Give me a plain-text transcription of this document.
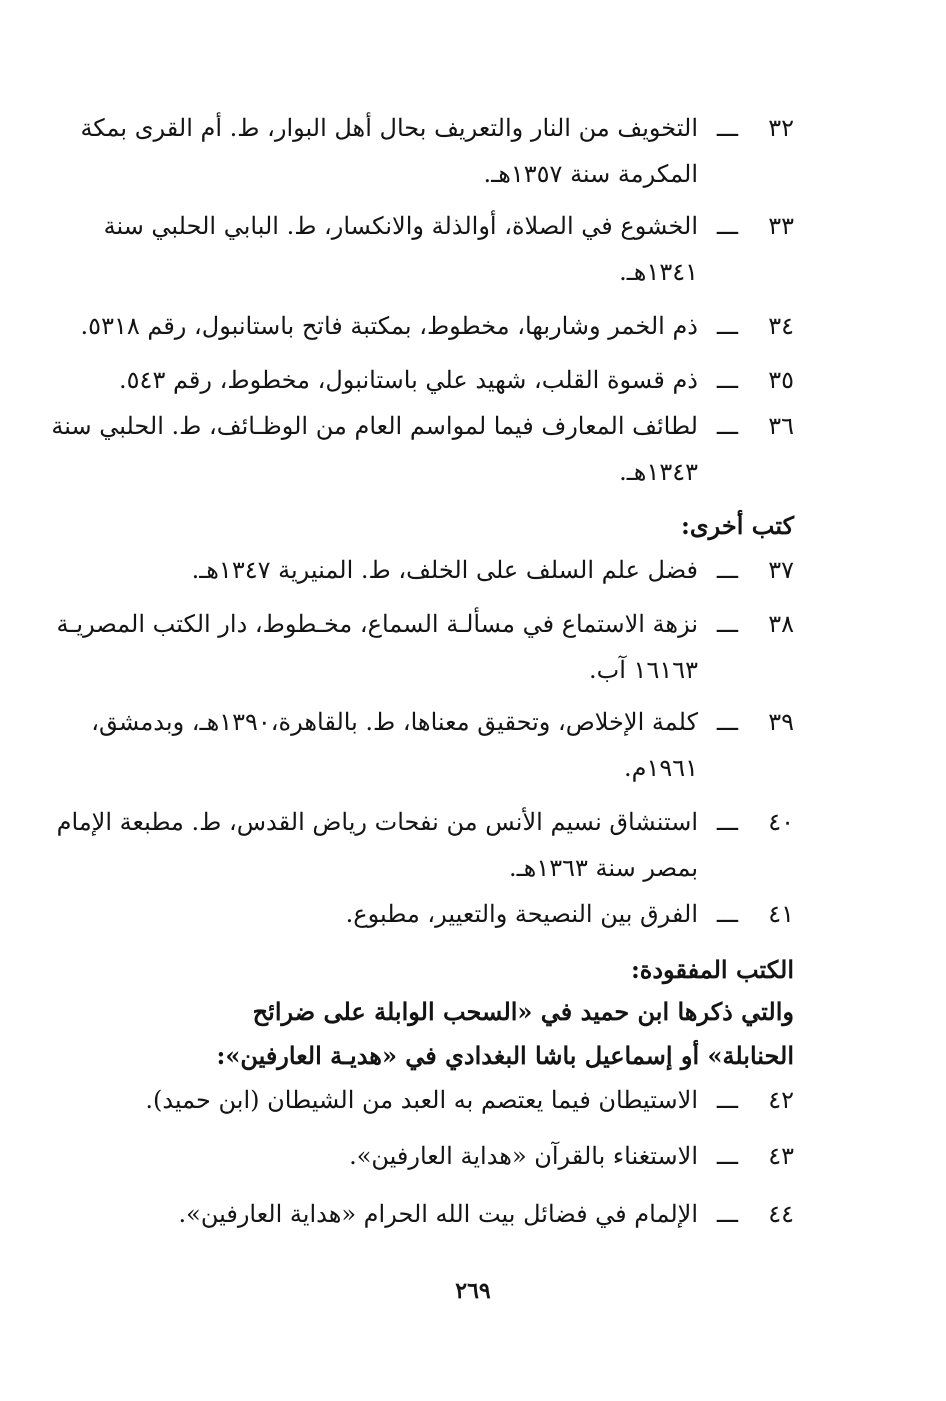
٣٢
ـــ
التخويف من النار والتعريف بحال أهل البوار، ط. أم القرى بمكة
المكرمة سنة ١٣٥٧هـ.
٣٣
ـــ
الخشوع في الصلاة، أوالذلة والانكسار، ط. البابي الحلبي سنة
١٣٤١هـ.
٣٤
ـــ
ذم الخمر وشاربها، مخطوط، بمكتبة فاتح باستانبول، رقم ٥٣١٨.
٣٥
ـــ
ذم قسوة القلب، شهيد علي باستانبول، مخطوط، رقم ٥٤٣.
٣٦
ـــ
لطائف المعارف فيما لمواسم العام من الوظـائف، ط. الحلبي سنة
١٣٤٣هـ.
كتب أخرى:
٣٧
ـــ
فضل علم السلف على الخلف، ط. المنيرية ١٣٤٧هـ.
٣٨
ـــ
نزهة الاستماع في مسألـة السماع، مخـطوط، دار الكتب المصريـة
١٦١٦٣ آب.
٣٩
ـــ
كلمة الإخلاص، وتحقيق معناها، ط. بالقاهرة،١٣٩٠هـ، وبدمشق،
١٩٦١م.
٤٠
ـــ
استنشاق نسيم الأنس من نفحات رياض القدس، ط. مطبعة الإمام
بمصر سنة ١٣٦٣هـ.
٤١
ـــ
الفرق بين النصيحة والتعيير، مطبوع.
الكتب المفقودة:
والتي ذكرها ابن حميد في «السحب الوابلة على ضرائح
الحنابلة» أو إسماعيل باشا البغدادي في «هديـة العارفين»:
٤٢
ـــ
الاستيطان فيما يعتصم به العبد من الشيطان (ابن حميد).
٤٣
ـــ
الاستغناء بالقرآن «هداية العارفين».
٤٤
ـــ
الإلمام في فضائل بيت الله الحرام «هداية العارفين».
٢٦٩
